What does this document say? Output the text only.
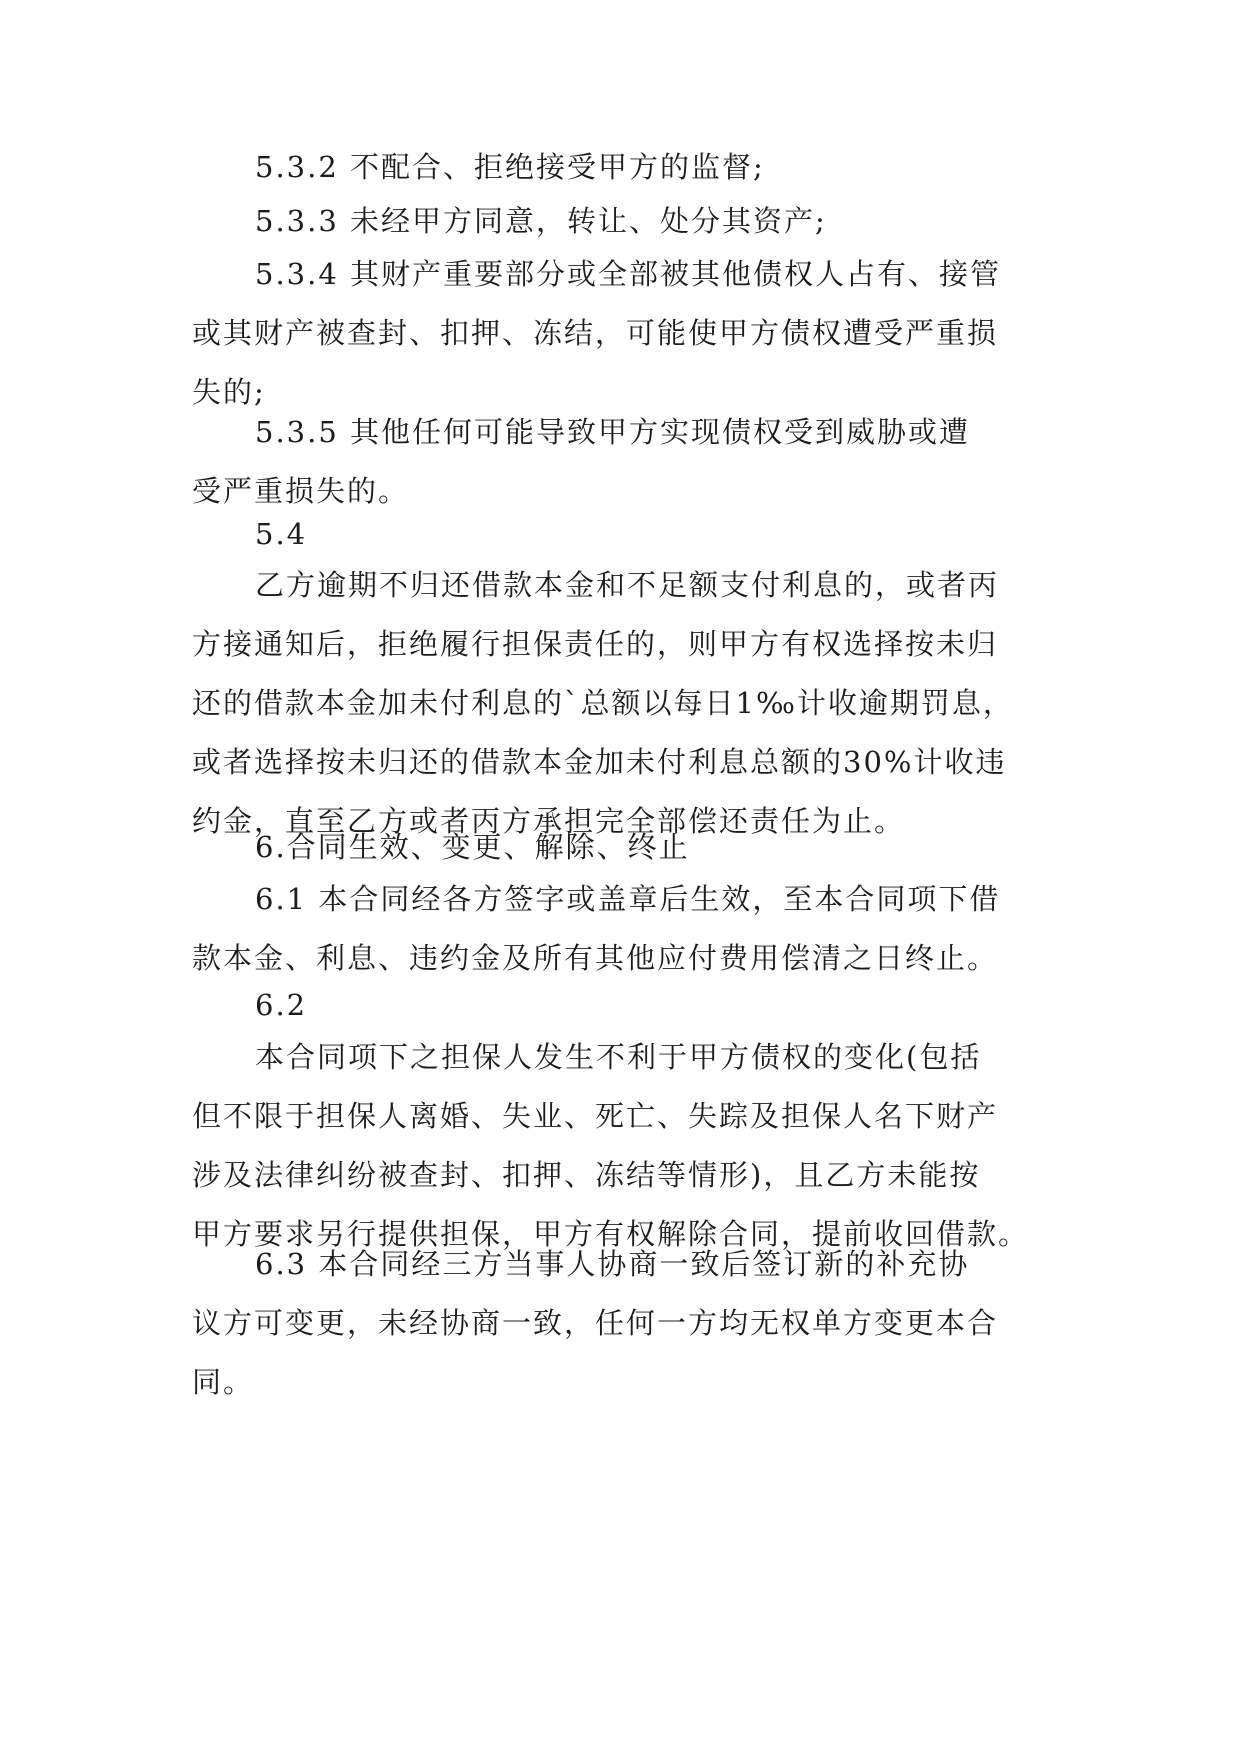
5.3.2 不配合、拒绝接受甲方的监督;

5.3.3 未经甲方同意，转让、处分其资产;

5.3.4 其财产重要部分或全部被其他债权人占有、接管
或其财产被查封、扣押、冻结，可能使甲方债权遭受严重损
失的;

5.3.5 其他任何可能导致甲方实现债权受到威胁或遭
受严重损失的。

5.4

乙方逾期不归还借款本金和不足额支付利息的，或者丙
方接通知后，拒绝履行担保责任的，则甲方有权选择按未归
还的借款本金加未付利息的`总额以每日1‰计收逾期罚息，
或者选择按未归还的借款本金加未付利息总额的30%计收违
约金，直至乙方或者丙方承担完全部偿还责任为止。

6.合同生效、变更、解除、终止

6.1 本合同经各方签字或盖章后生效，至本合同项下借
款本金、利息、违约金及所有其他应付费用偿清之日终止。

6.2

本合同项下之担保人发生不利于甲方债权的变化(包括
但不限于担保人离婚、失业、死亡、失踪及担保人名下财产
涉及法律纠纷被查封、扣押、冻结等情形)，且乙方未能按
甲方要求另行提供担保，甲方有权解除合同，提前收回借款。

6.3 本合同经三方当事人协商一致后签订新的补充协
议方可变更，未经协商一致，任何一方均无权单方变更本合
同。
